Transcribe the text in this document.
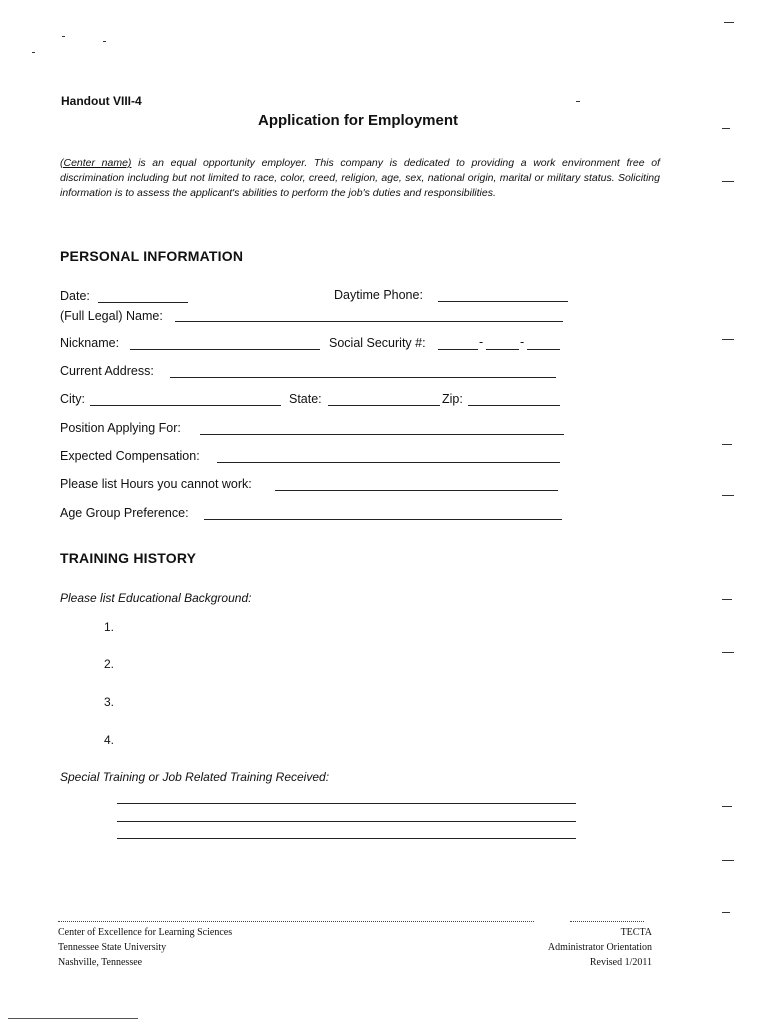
Handout VIII-4
Application for Employment
(Center name) is an equal opportunity employer. This company is dedicated to providing a work environment free of discrimination including but not limited to race, color, creed, religion, age, sex, national origin, marital or military status. Soliciting information is to assess the applicant's abilities to perform the job's duties and responsibilities.
PERSONAL INFORMATION
Date:	Daytime Phone:
(Full Legal) Name:
Nickname:	Social Security #:	-	-
Current Address:
City:	State:	Zip:
Position Applying For:
Expected Compensation:
Please list Hours you cannot work:
Age Group Preference:
TRAINING HISTORY
Please list Educational Background:
1.
2.
3.
4.
Special Training or Job Related Training Received:
Center of Excellence for Learning Sciences
Tennessee State University
Nashville, Tennessee
TECTA
Administrator Orientation
Revised 1/2011
